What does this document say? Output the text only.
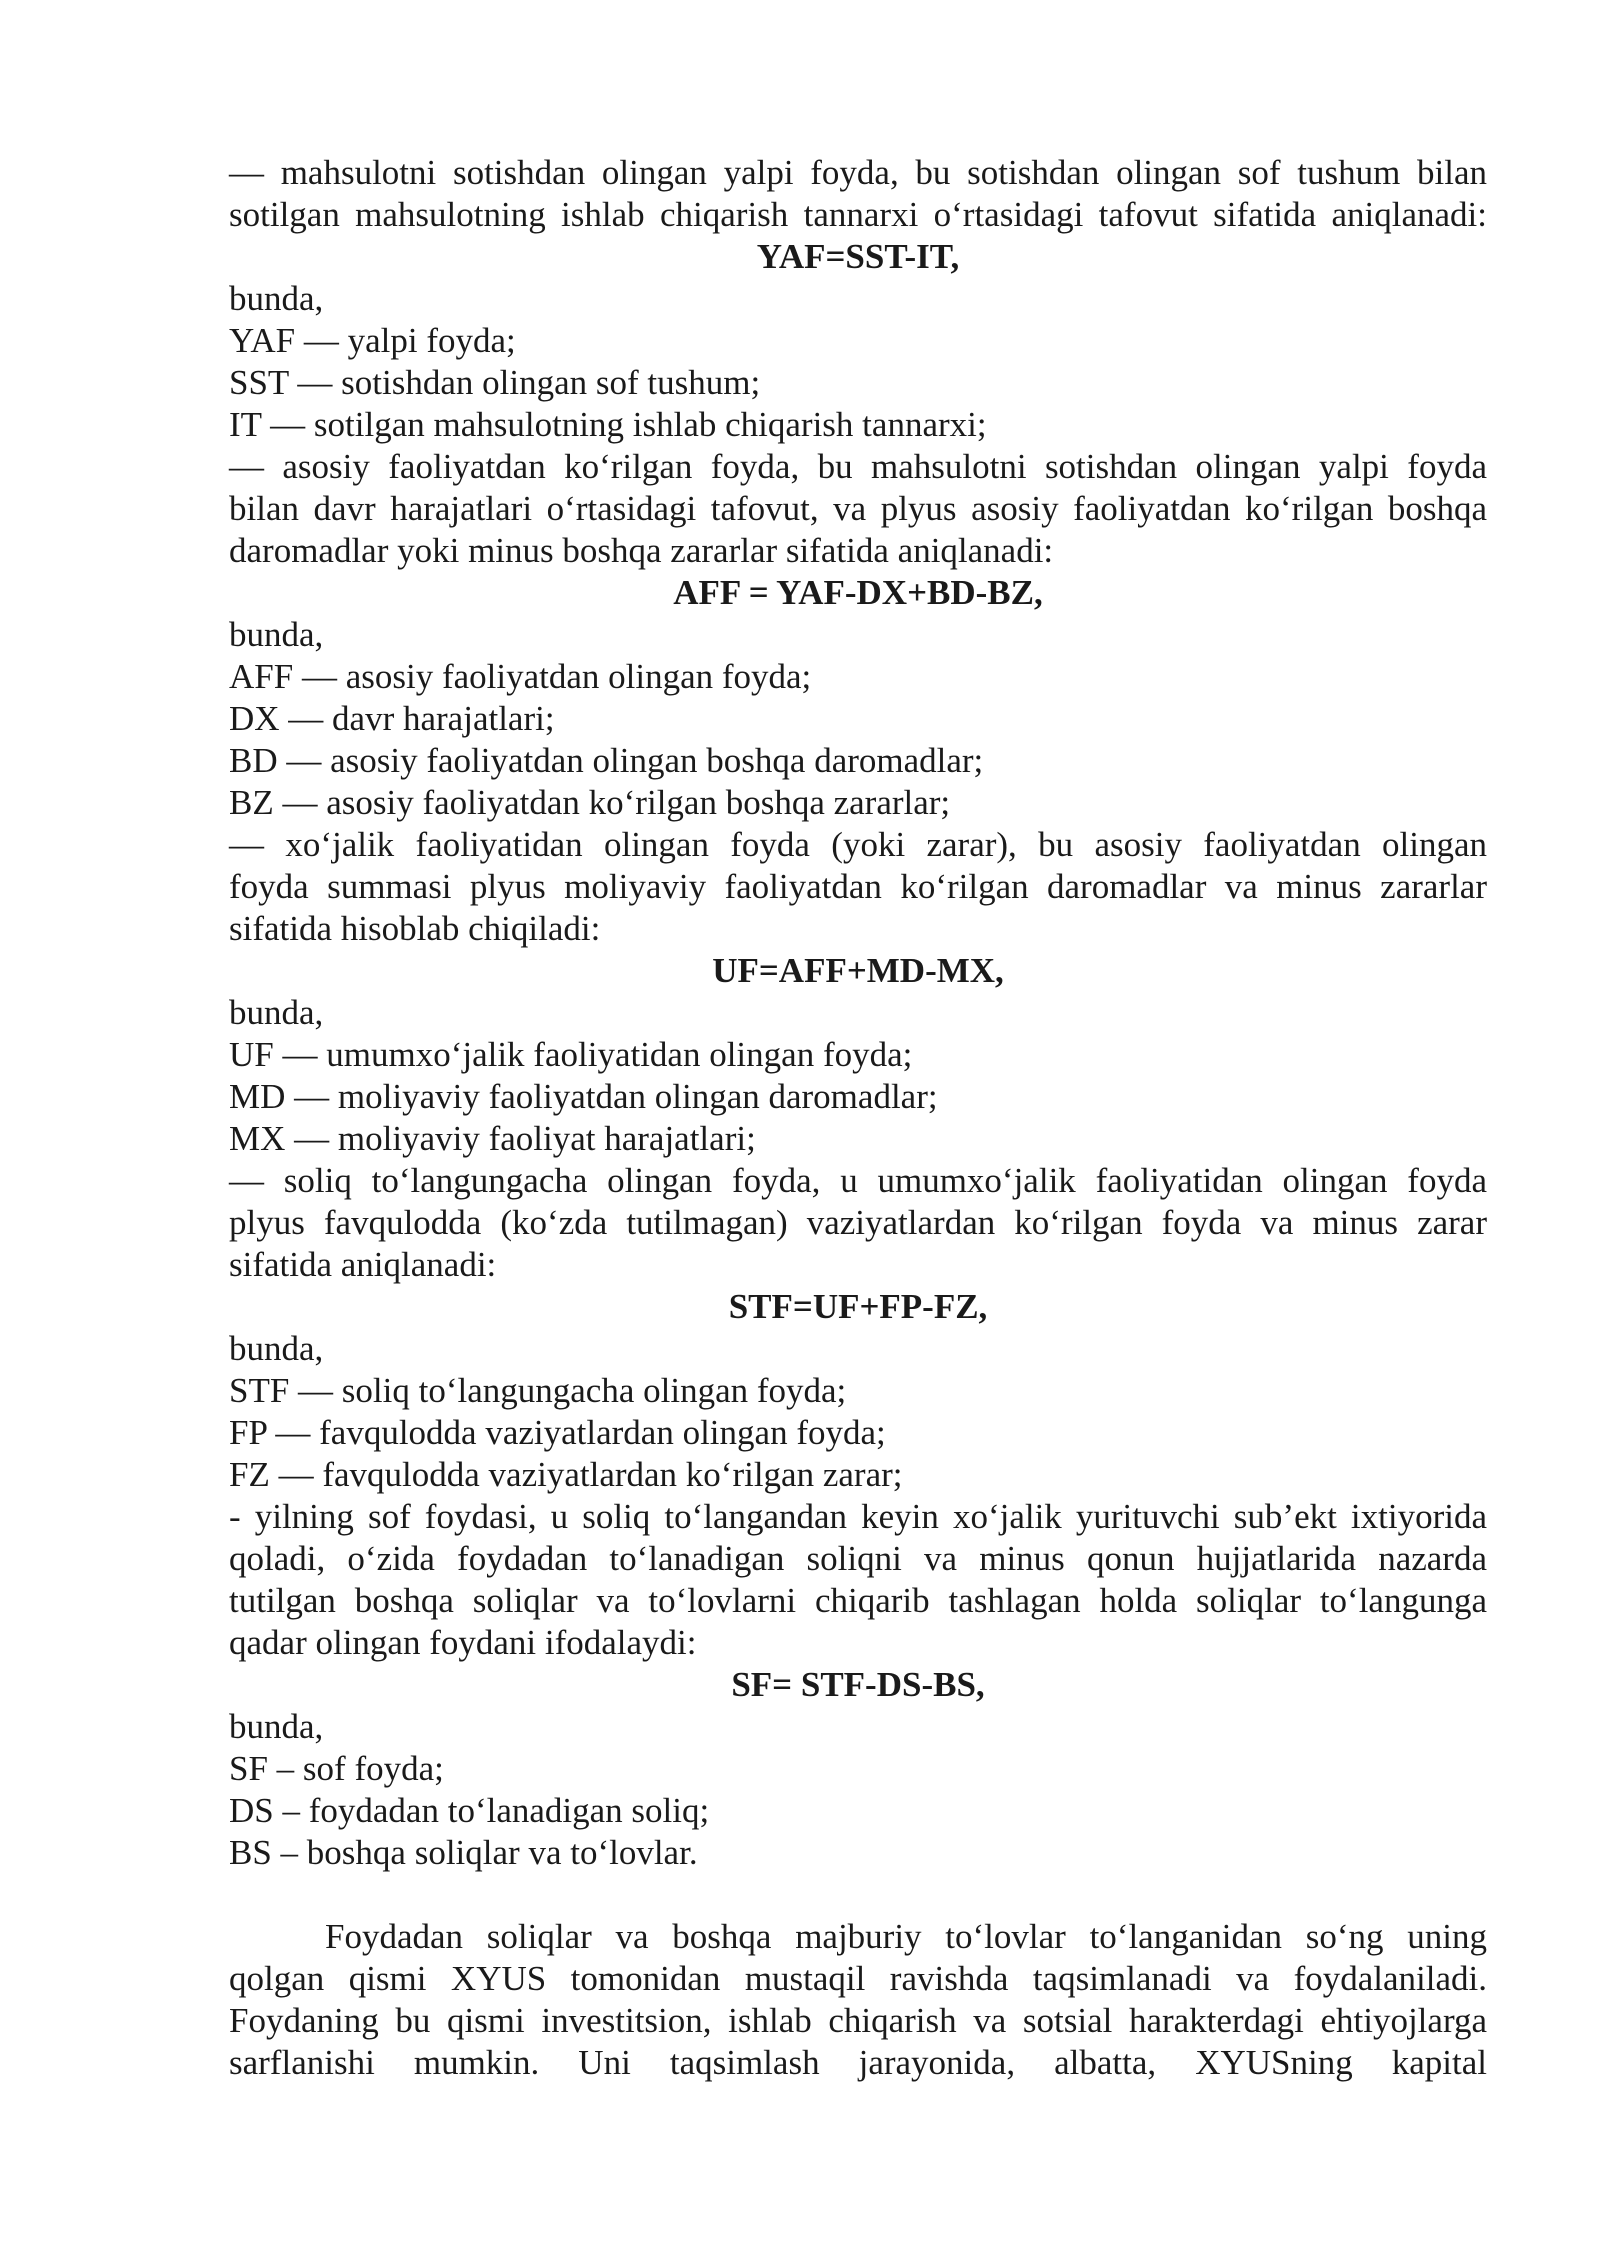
— mahsulotni sotishdan olingan yalpi foyda, bu sotishdan olingan sof tushum bilan
sotilgan mahsulotning ishlab chiqarish tannarxi o‘rtasidagi tafovut sifatida aniqlanadi:
YAF=SST-IT,
bunda,
YAF — yalpi foyda;
SST — sotishdan olingan sof tushum;
IT — sotilgan mahsulotning ishlab chiqarish tannarxi;
— asosiy faoliyatdan ko‘rilgan foyda, bu mahsulotni sotishdan olingan yalpi foyda
bilan davr harajatlari o‘rtasidagi tafovut, va plyus asosiy faoliyatdan ko‘rilgan boshqa
daromadlar yoki minus boshqa zararlar sifatida aniqlanadi:
AFF = YAF-DX+BD-BZ,
bunda,
AFF — asosiy faoliyatdan olingan foyda;
DX — davr harajatlari;
BD — asosiy faoliyatdan olingan boshqa daromadlar;
BZ — asosiy faoliyatdan ko‘rilgan boshqa zararlar;
— xo‘jalik faoliyatidan olingan foyda (yoki zarar), bu asosiy faoliyatdan olingan
foyda summasi plyus moliyaviy faoliyatdan ko‘rilgan daromadlar va minus zararlar
sifatida hisoblab chiqiladi:
UF=AFF+MD-MX,
bunda,
UF — umumxo‘jalik faoliyatidan olingan foyda;
MD — moliyaviy faoliyatdan olingan daromadlar;
MX — moliyaviy faoliyat harajatlari;
— soliq to‘langungacha olingan foyda, u umumxo‘jalik faoliyatidan olingan foyda
plyus favqulodda (ko‘zda tutilmagan) vaziyatlardan ko‘rilgan foyda va minus zarar
sifatida aniqlanadi:
STF=UF+FP-FZ,
bunda,
STF — soliq to‘langungacha olingan foyda;
FP — favqulodda vaziyatlardan olingan foyda;
FZ — favqulodda vaziyatlardan ko‘rilgan zarar;
- yilning sof foydasi, u soliq to‘langandan keyin xo‘jalik yurituvchi sub’ekt ixtiyorida
qoladi, o‘zida foydadan to‘lanadigan soliqni va minus qonun hujjatlarida nazarda
tutilgan boshqa soliqlar va to‘lovlarni chiqarib tashlagan holda soliqlar to‘langunga
qadar olingan foydani ifodalaydi:
SF= STF-DS-BS,
bunda,
SF – sof foyda;
DS – foydadan to‘lanadigan soliq;
BS – boshqa soliqlar va to‘lovlar.
Foydadan soliqlar va boshqa majburiy to‘lovlar to‘langanidan so‘ng uning
qolgan qismi XYUS tomonidan mustaqil ravishda taqsimlanadi va foydalaniladi.
Foydaning bu qismi investitsion, ishlab chiqarish va sotsial harakterdagi ehtiyojlarga
sarflanishi mumkin. Uni taqsimlash jarayonida, albatta, XYUSning kapital
